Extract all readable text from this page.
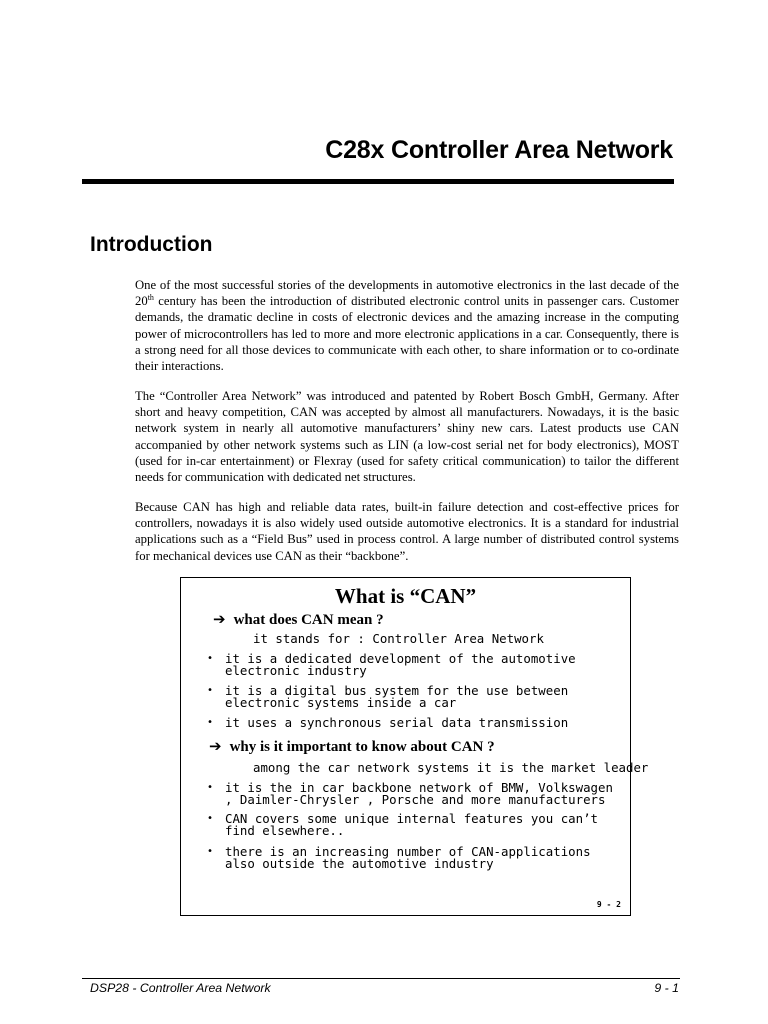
C28x Controller Area Network
Introduction
One of the most successful stories of the developments in automotive electronics in the last decade of the 20th century has been the introduction of distributed electronic control units in passenger cars. Customer demands, the dramatic decline in costs of electronic devices and the amazing increase in the computing power of microcontrollers has led to more and more electronic applications in a car. Consequently, there is a strong need for all those devices to communicate with each other, to share information or to co-ordinate their interactions.
The “Controller Area Network” was introduced and patented by Robert Bosch GmbH, Germany. After short and heavy competition, CAN was accepted by almost all manufacturers. Nowadays, it is the basic network system in nearly all automotive manufacturers’ shiny new cars. Latest products use CAN accompanied by other network systems such as LIN (a low-cost serial net for body electronics), MOST (used for in-car entertainment) or Flexray (used for safety critical communication) to tailor the different needs for communication with dedicated net structures.
Because CAN has high and reliable data rates, built-in failure detection and cost-effective prices for controllers, nowadays it is also widely used outside automotive electronics. It is a standard for industrial applications such as a “Field Bus” used in process control. A large number of distributed control systems for mechanical devices use CAN as their “backbone”.
What is “CAN”
➔ what does CAN mean ?
it stands for : Controller Area Network
• it is a dedicated development of the automotive electronic industry
• it is a digital bus system for the use between electronic systems inside a car
• it uses a synchronous serial data transmission
➔ why is it important to know about CAN ?
among the car network systems it is the market leader
• it is the in car backbone network of BMW, Volkswagen , Daimler-Chrysler , Porsche and more manufacturers
• CAN covers some unique internal features you can’t find elsewhere..
• there is an increasing number of CAN-applications also outside the automotive industry
9 - 2
DSP28 - Controller Area Network	9 - 1
